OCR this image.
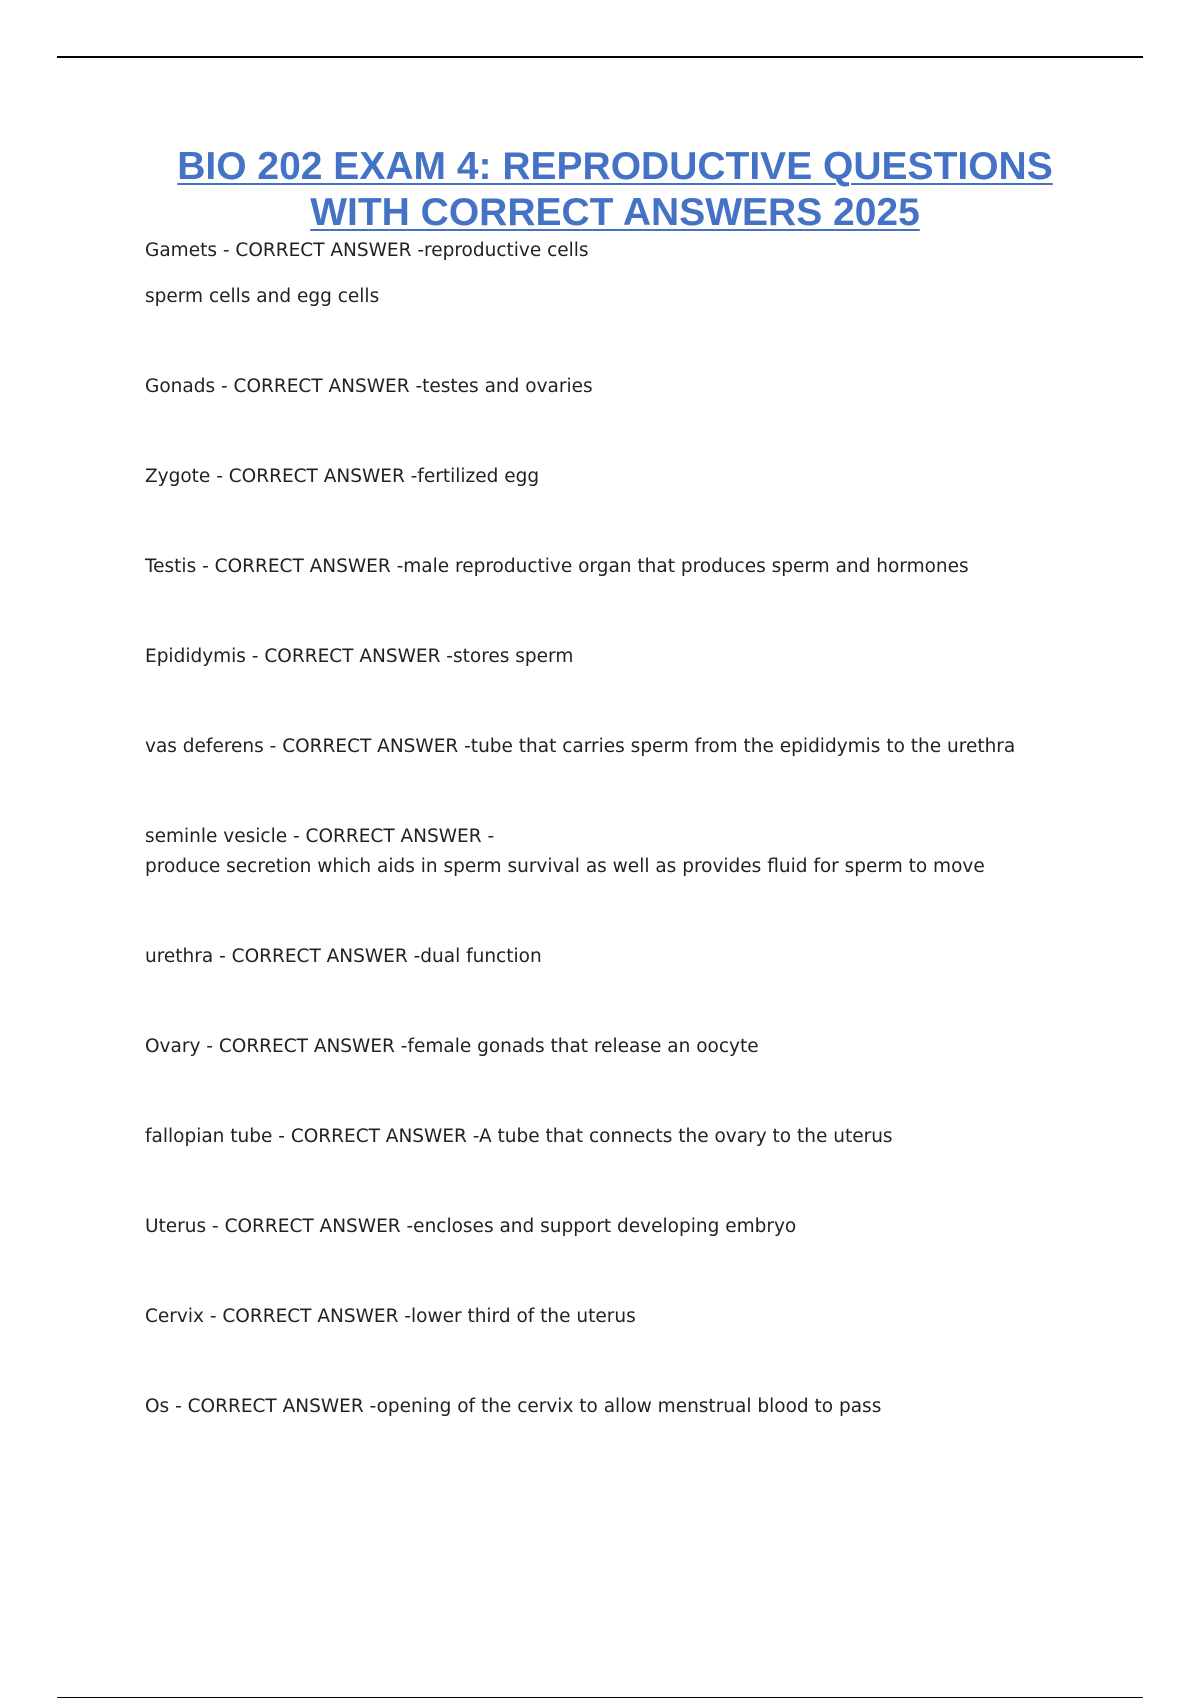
BIO 202 EXAM 4: REPRODUCTIVE QUESTIONS
WITH CORRECT ANSWERS 2025

Gamets - CORRECT ANSWER -reproductive cells

sperm cells and egg cells

Gonads - CORRECT ANSWER -testes and ovaries

Zygote - CORRECT ANSWER -fertilized egg

Testis - CORRECT ANSWER -male reproductive organ that produces sperm and hormones

Epididymis - CORRECT ANSWER -stores sperm

vas deferens - CORRECT ANSWER -tube that carries sperm from the epididymis to the urethra

seminle vesicle - CORRECT ANSWER -
produce secretion which aids in sperm survival as well as provides fluid for sperm to move

urethra - CORRECT ANSWER -dual function

Ovary - CORRECT ANSWER -female gonads that release an oocyte

fallopian tube - CORRECT ANSWER -A tube that connects the ovary to the uterus

Uterus - CORRECT ANSWER -encloses and support developing embryo

Cervix - CORRECT ANSWER -lower third of the uterus

Os - CORRECT ANSWER -opening of the cervix to allow menstrual blood to pass
